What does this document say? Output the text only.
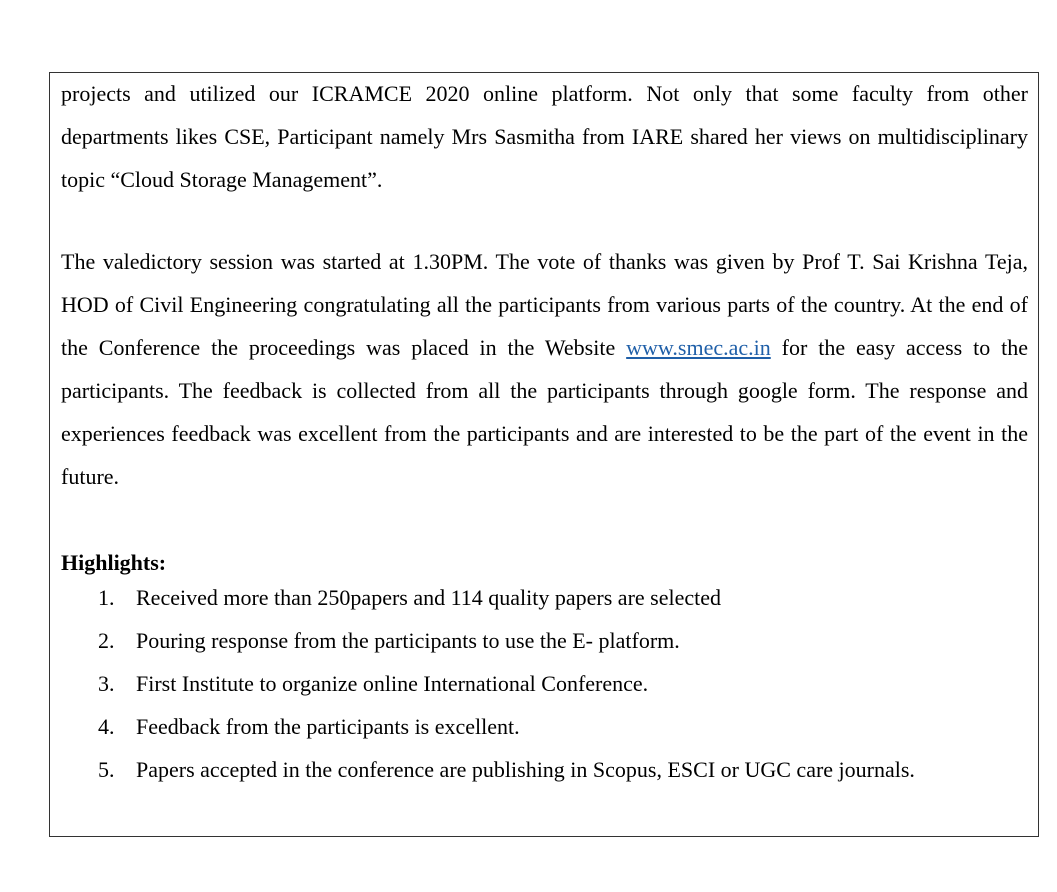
projects and utilized our ICRAMCE 2020 online platform. Not only that some faculty from other departments likes CSE, Participant namely Mrs Sasmitha from IARE shared her views on multidisciplinary topic “Cloud Storage Management”.

The valedictory session was started at 1.30PM. The vote of thanks was given by Prof T. Sai Krishna Teja, HOD of Civil Engineering congratulating all the participants from various parts of the country. At the end of the Conference the proceedings was placed in the Website www.smec.ac.in for the easy access to the participants. The feedback is collected from all the participants through google form. The response and experiences feedback was excellent from the participants and are interested to be the part of the event in the future.

Highlights:
1. Received more than 250papers and 114 quality papers are selected
2. Pouring response from the participants to use the E- platform.
3. First Institute to organize online International Conference.
4. Feedback from the participants is excellent.
5. Papers accepted in the conference are publishing in Scopus, ESCI or UGC care journals.
